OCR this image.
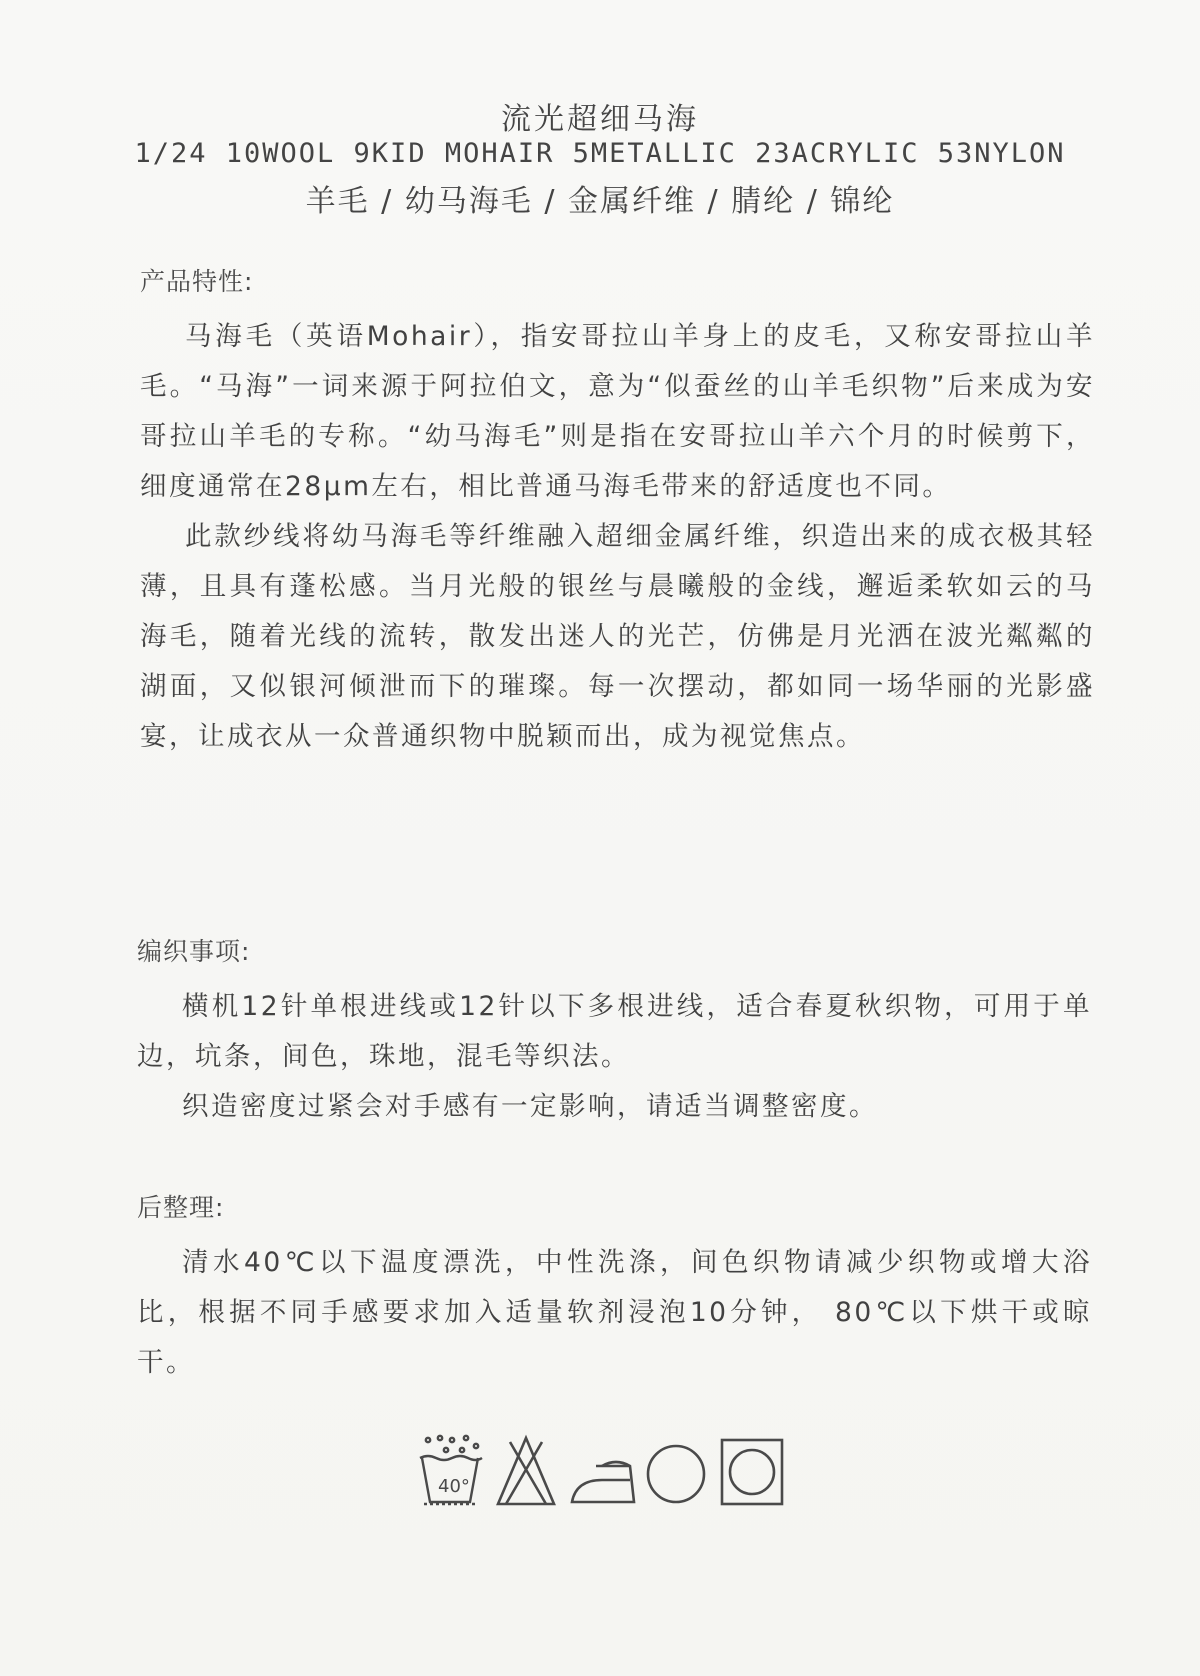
流光超细马海
1/24 10WOOL 9KID MOHAIR 5METALLIC 23ACRYLIC 53NYLON
羊毛 / 幼马海毛 / 金属纤维 / 腈纶 / 锦纶
产品特性:

马海毛（英语Mohair），指安哥拉山羊身上的皮毛，又称安哥拉山羊毛。“马海”一词来源于阿拉伯文，意为“似蚕丝的山羊毛织物”后来成为安哥拉山羊毛的专称。“幼马海毛”则是指在安哥拉山羊六个月的时候剪下，细度通常在28μm左右，相比普通马海毛带来的舒适度也不同。

此款纱线将幼马海毛等纤维融入超细金属纤维，织造出来的成衣极其轻薄，且具有蓬松感。当月光般的银丝与晨曦般的金线，邂逅柔软如云的马海毛，随着光线的流转，散发出迷人的光芒，仿佛是月光洒在波光粼粼的湖面，又似银河倾泄而下的璀璨。每一次摆动，都如同一场华丽的光影盛宴，让成衣从一众普通织物中脱颖而出，成为视觉焦点。

编织事项:

横机12针单根进线或12针以下多根进线，适合春夏秋织物，可用于单边，坑条，间色，珠地，混毛等织法。

织造密度过紧会对手感有一定影响，请适当调整密度。

后整理:

清水40℃以下温度漂洗，中性洗涤，间色织物请减少织物或增大浴比，根据不同手感要求加入适量软剂浸泡10分钟， 80℃以下烘干或晾干。

40°
